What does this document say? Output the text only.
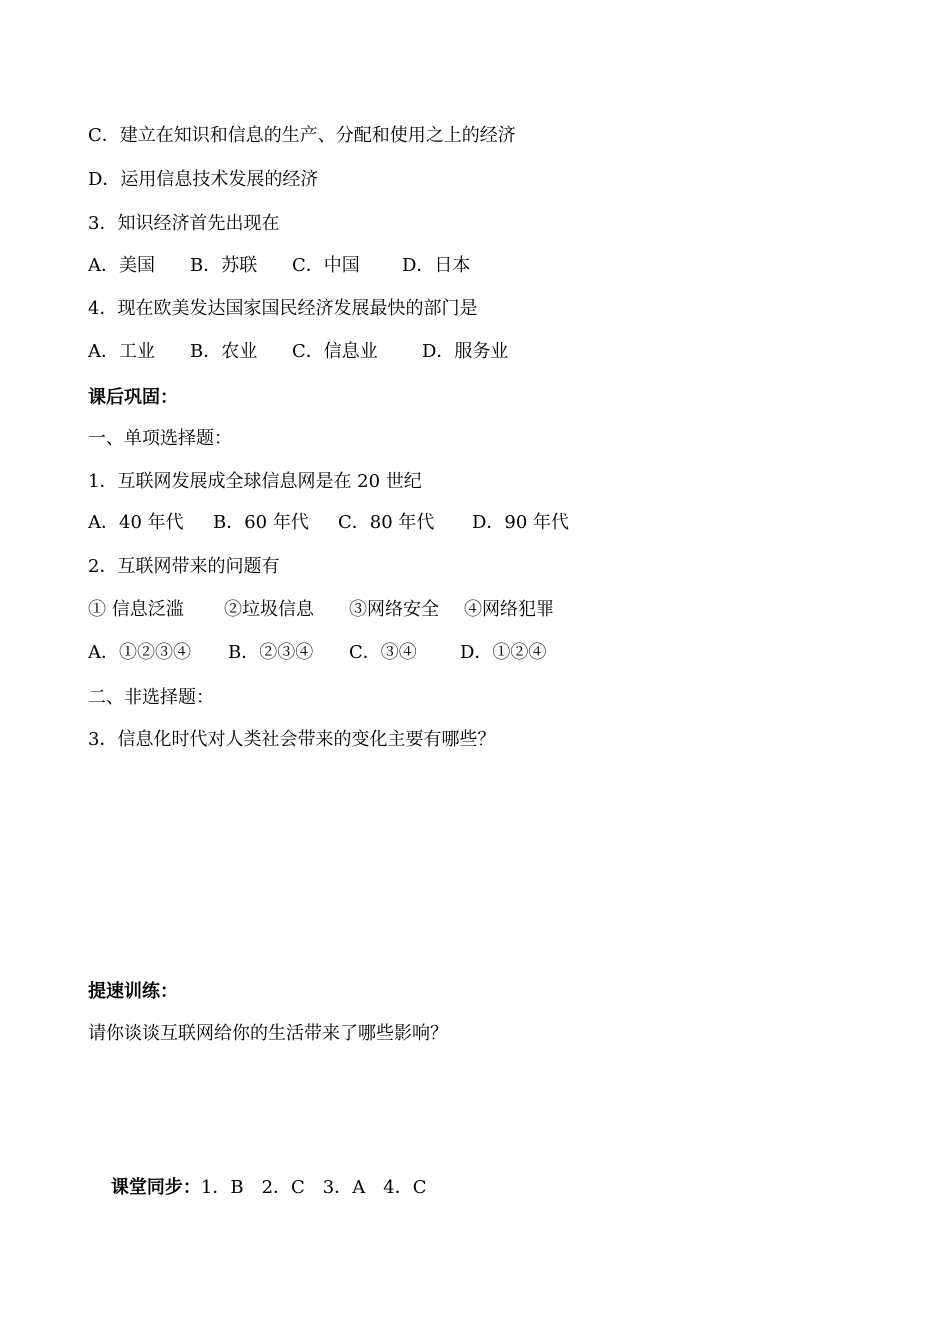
C．建立在知识和信息的生产、分配和使用之上的经济
D．运用信息技术发展的经济
3．知识经济首先出现在
A．美国 B．苏联 C．中国 D．日本
4．现在欧美发达国家国民经济发展最快的部门是
A．工业 B．农业 C．信息业 D．服务业
课后巩固：
一、单项选择题：
1．互联网发展成全球信息网是在 20 世纪
A．40 年代 B．60 年代 C．80 年代 D．90 年代
2．互联网带来的问题有
① 信息泛滥 ②垃圾信息 ③网络安全 ④网络犯罪
A．①②③④ B．②③④ C．③④ D．①②④
二、非选择题：
3．信息化时代对人类社会带来的变化主要有哪些？
提速训练：
请你谈谈互联网给你的生活带来了哪些影响？

课堂同步：1．B　2．C　3．A　4．C
